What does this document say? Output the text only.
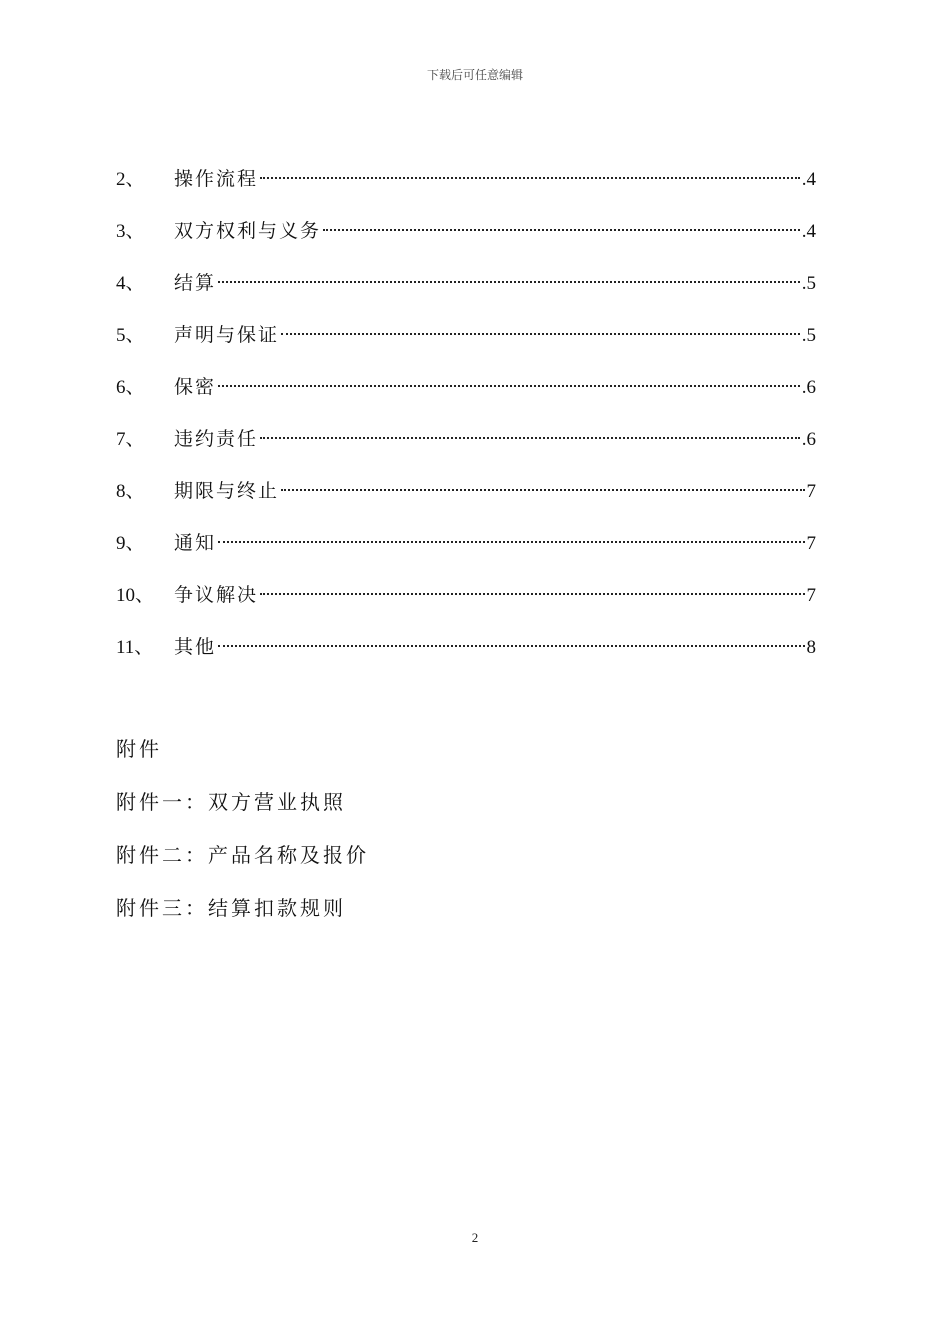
下载后可任意编辑
2、	操作流程	.4
3、	双方权利与义务	.4
4、	结算	.5
5、	声明与保证	.5
6、	保密	.6
7、	违约责任	.6
8、	期限与终止	7
9、	通知	7
10、	争议解决	7
11、	其他	8
附件
附件一：双方营业执照
附件二：产品名称及报价
附件三：结算扣款规则
2
